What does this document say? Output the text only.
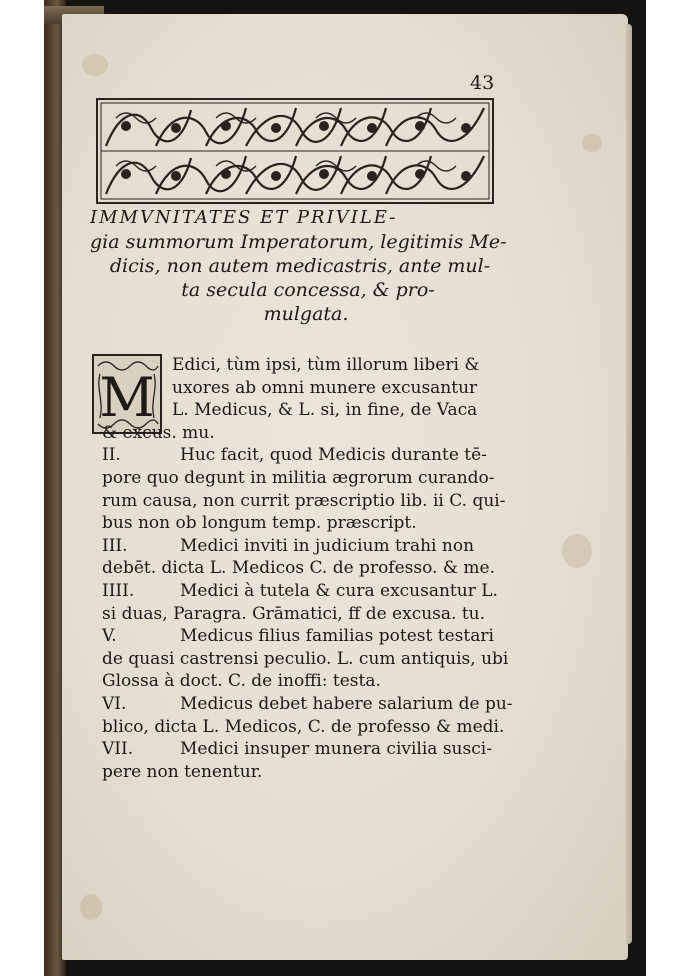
43
IMMVNITATES ET PRIVILE-
gia summorum Imperatorum, legitimis Me-
dicis, non autem medicastris, ante mul-
ta secula concessa, & pro-
mulgata.
M
Edici, tùm ipsi, tùm illorum liberi &
uxores ab omni munere excusantur
L. Medicus, & L. si, in fine, de Vaca
& excus. mu.
II.	Huc facit, quod Medicis durante tē-
pore quo degunt in militia ægrorum curando-
rum causa, non currit præscriptio lib. ii C. qui-
bus non ob longum temp. præscript.
III.	Medici inviti in judicium trahi non
debēt. dicta L. Medicos C. de professo. & me.
IIII.	Medici à tutela & cura excusantur L.
si duas, Paragra. Grāmatici, ff de excusa. tu.
V.	Medicus filius familias potest testari
de quasi castrensi peculio. L. cum antiquis, ubi
Glossa à doct. C. de inoffi: testa.
VI.	Medicus debet habere salarium de pu-
blico, dicta L. Medicos, C. de professo & medi.
VII.	Medici insuper munera civilia susci-
pere non tenentur.
